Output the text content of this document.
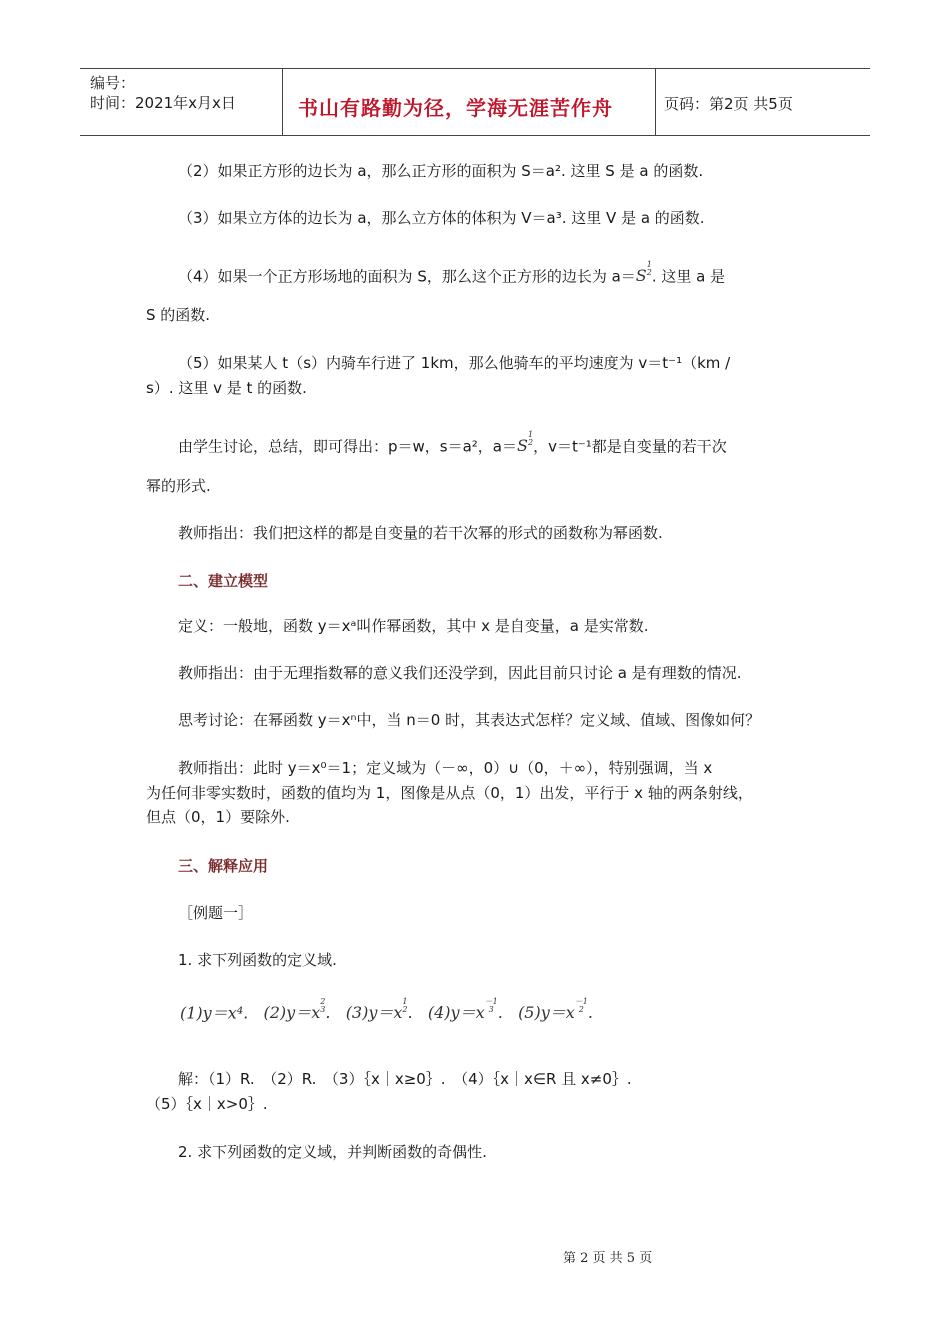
编号：
时间：2021年x月x日	书山有路勤为径，学海无涯苦作舟	页码：第2页 共5页
（2）如果正方形的边长为 a，那么正方形的面积为 S＝a². 这里 S 是 a 的函数.
（3）如果立方体的边长为 a，那么立方体的体积为 V＝a³. 这里 V 是 a 的函数.
（4）如果一个正方形场地的面积为 S，那么这个正方形的边长为 a＝S1
2. 这里 a 是
S 的函数.
（5）如果某人 t（s）内骑车行进了 1km，那么他骑车的平均速度为 v＝t⁻¹（km /
s）. 这里 v 是 t 的函数.
由学生讨论，总结，即可得出：p＝w，s＝a²，a＝S1
2，v＝t⁻¹都是自变量的若干次
幂的形式.
教师指出：我们把这样的都是自变量的若干次幂的形式的函数称为幂函数.
二、建立模型
定义：一般地，函数 y＝xᵃ叫作幂函数，其中 x 是自变量，a 是实常数.
教师指出：由于无理指数幂的意义我们还没学到，因此目前只讨论 a 是有理数的情况.
思考讨论：在幂函数 y＝xⁿ中，当 n＝0 时，其表达式怎样？定义域、值域、图像如何？
教师指出：此时 y＝x⁰＝1；定义域为（－∞，0）∪（0，＋∞），特别强调，当 x
为任何非零实数时，函数的值均为 1，图像是从点（0，1）出发，平行于 x 轴的两条射线，
但点（0，1）要除外.
三、解释应用
［例题一］
1. 求下列函数的定义域.
(1)y＝x⁴. (2)y＝x2
3. (3)y＝x1
2. (4)y＝x－1
3 . (5)y＝x－1
2 .
解：（1）R.　（2）R.　（3）｛x｜x≥0｝.　（4）｛x｜x∈R 且 x≠0｝.
（5）｛x｜x>0｝.
2. 求下列函数的定义域，并判断函数的奇偶性.
第 2 页 共 5 页
